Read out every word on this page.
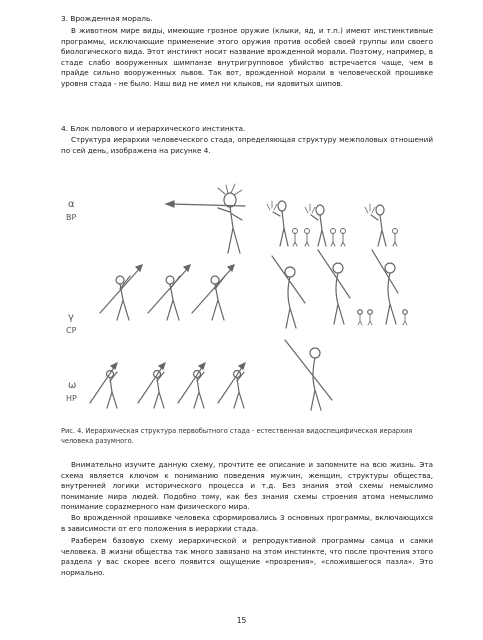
3. Врожденная мораль.

В животном мире виды, имеющие грозное оружие (клыки, яд, и т.п.) имеют инстинктивные программы, исключающие применение этого оружия против особей своей группы или своего биологического вида. Этот инстинкт носит название врожденной морали. Поэтому, например, в стаде слабо вооруженных шимпанзе внутригрупповое убийство встречается чаще, чем в прайде сильно вооруженных львов. Так вот, врожденной морали в человеческой прошивке уровня стада - не было. Наш вид не имел ни клыков, ни ядовитых шипов.

4. Блок полового и иерархического инстинкта.

Структура иерархии человеческого стада, определяющая структуру межполовых отношений по сей день, изображена на рисунке 4.

α
ВР
γ
СР
ω
НР

Рис. 4. Иерархическая структура первобытного стада - естественная видоспецифическая иерархия человека разумного.

Внимательно изучите данную схему, прочтите ее описание и запомните на всю жизнь. Эта схема является ключом к пониманию поведения мужчин, женщин, структуры общества, внутренней логики исторического процесса и т.д. Без знания этой схемы немыслимо понимание мира людей. Подобно тому, как без знания схемы строения атома немыслимо понимание сорazмерного нам физического мира.

Во врожденной прошивке человека сформировались 3 основных программы, включающихся в зависимости от его положения в иерархии стада.

Разберем базовую схему иерархической и репродуктивной программы самца и самки человека. В жизни общества так много завязано на этом инстинкте, что после прочтения этого раздела у вас скорее всего появится ощущение «прозрения», «сложившегося пазла». Это нормально.

15
